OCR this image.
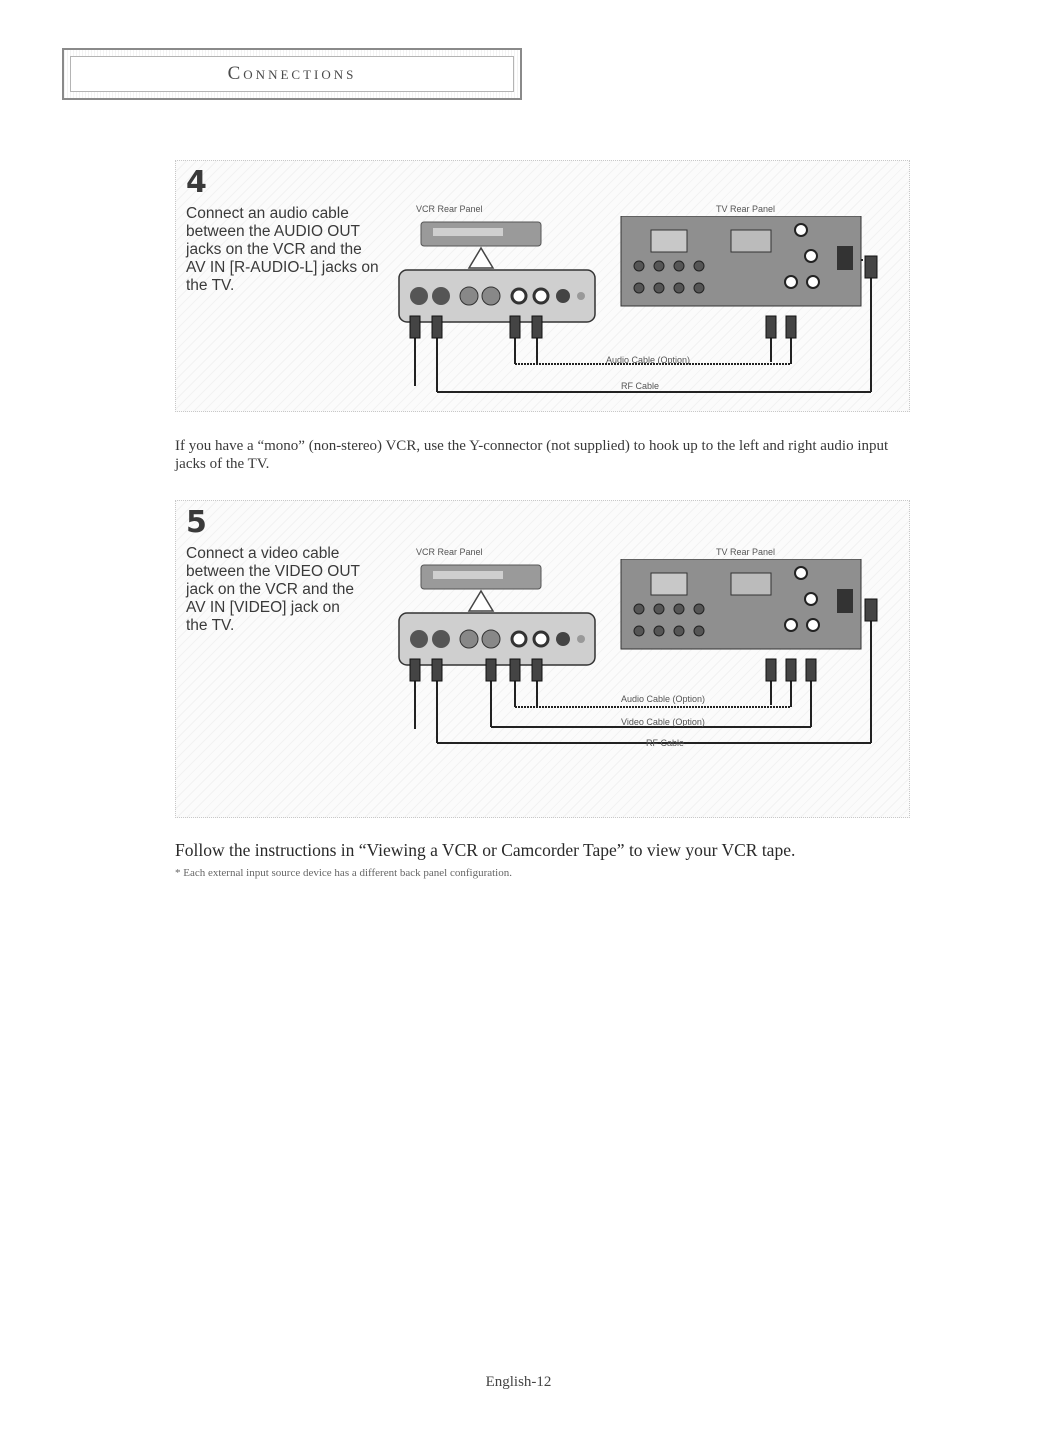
Connections
4
Connect an audio cable between the AUDIO OUT jacks on the VCR and the AV IN [R-AUDIO-L] jacks on the TV.
VCR Rear Panel	TV Rear Panel
Audio Cable (Option)
RF Cable
If you have a “mono” (non-stereo) VCR, use the Y-connector (not supplied) to hook up to the left and right audio input jacks of the TV.
5
Connect a video cable between the VIDEO OUT jack on the VCR and the AV IN [VIDEO] jack on the TV.
VCR Rear Panel	TV Rear Panel
Audio Cable (Option)
Video Cable (Option)
RF Cable
Follow the instructions in “Viewing a VCR or Camcorder Tape” to view your VCR tape.
* Each external input source device has a different back panel configuration.
English-12
